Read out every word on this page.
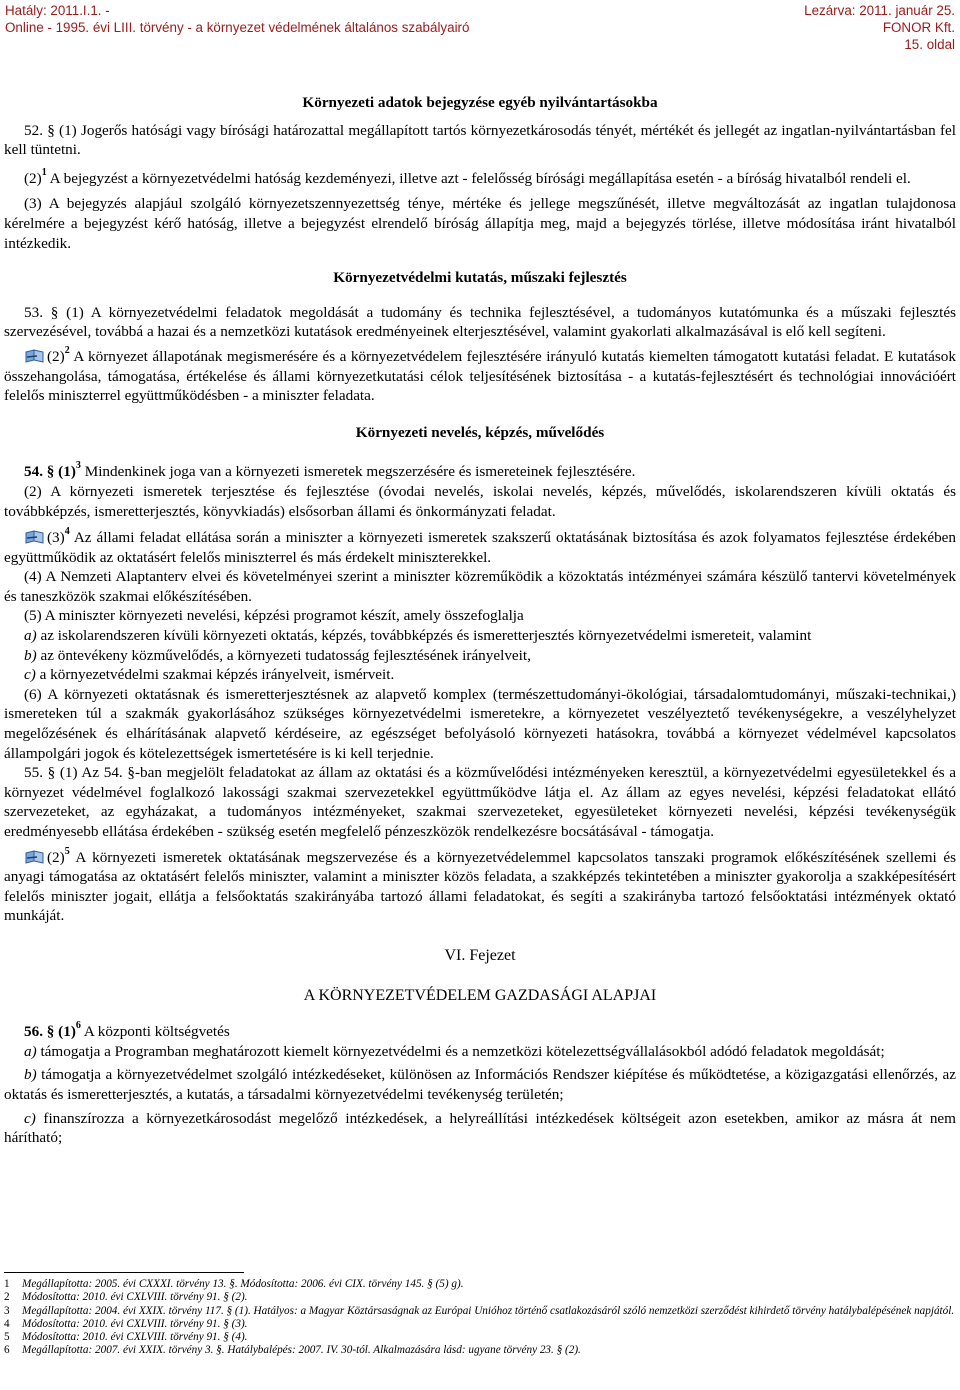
Hatály: 2011.I.1. -
Online - 1995. évi LIII. törvény - a környezet védelmének általános szabályairó
Lezárva: 2011. január 25.
FONOR Kft.
15. oldal

Környezeti adatok bejegyzése egyéb nyilvántartásokba

52. § (1) Jogerős hatósági vagy bírósági határozattal megállapított tartós környezetkárosodás tényét, mértékét és jellegét az ingatlan-nyilvántartásban fel kell tüntetni.

$(2)^1$ A bejegyzést a környezetvédelmi hatóság kezdeményezi, illetve azt - felelősség bírósági megállapítása esetén - a bíróság hivatalból rendeli el.

(3) A bejegyzés alapjául szolgáló környezetszennyezettség ténye, mértéke és jellege megszűnését, illetve megváltozását az ingatlan tulajdonosa kérelmére a bejegyzést kérő hatóság, illetve a bejegyzést elrendelő bíróság állapítja meg, majd a bejegyzés törlése, illetve módosítása iránt hivatalból intézkedik.

Környezetvédelmi kutatás, műszaki fejlesztés

53. § (1) A környezetvédelmi feladatok megoldását a tudomány és technika fejlesztésével, a tudományos kutatómunka és a műszaki fejlesztés szervezésével, továbbá a hazai és a nemzetközi kutatások eredményeinek elterjesztésével, valamint gyakorlati alkalmazásával is elő kell segíteni.

$(2)^2$ A környezet állapotának megismerésére és a környezetvédelem fejlesztésére irányuló kutatás kiemelten támogatott kutatási feladat. E kutatások összehangolása, támogatása, értékelése és állami környezetkutatási célok teljesítésének biztosítása - a kutatás-fejlesztésért és technológiai innovációért felelős miniszterrel együttműködésben - a miniszter feladata.

Környezeti nevelés, képzés, művelődés

54. § $(1)^3$ Mindenkinek joga van a környezeti ismeretek megszerzésére és ismereteinek fejlesztésére.

(2) A környezeti ismeretek terjesztése és fejlesztése (óvodai nevelés, iskolai nevelés, képzés, művelődés, iskolarendszeren kívüli oktatás és továbbképzés, ismeretterjesztés, könyvkiadás) elsősorban állami és önkormányzati feladat.

$(3)^4$ Az állami feladat ellátása során a miniszter a környezeti ismeretek szakszerű oktatásának biztosítása és azok folyamatos fejlesztése érdekében együttműködik az oktatásért felelős miniszterrel és más érdekelt miniszterekkel.

(4) A Nemzeti Alaptanterv elvei és követelményei szerint a miniszter közreműködik a közoktatás intézményei számára készülő tantervi követelmények és taneszközök szakmai előkészítésében.

(5) A miniszter környezeti nevelési, képzési programot készít, amely összefoglalja

a) az iskolarendszeren kívüli környezeti oktatás, képzés, továbbképzés és ismeretterjesztés környezetvédelmi ismereteit, valamint

b) az öntevékeny közművelődés, a környezeti tudatosság fejlesztésének irányelveit,

c) a környezetvédelmi szakmai képzés irányelveit, ismérveit.

(6) A környezeti oktatásnak és ismeretterjesztésnek az alapvető komplex (természettudományi-ökológiai, társadalomtudományi, műszaki-technikai,) ismereteken túl a szakmák gyakorlásához szükséges környezetvédelmi ismeretekre, a környezetet veszélyeztető tevékenységekre, a veszélyhelyzet megelőzésének és elhárításának alapvető kérdéseire, az egészséget befolyásoló környezeti hatásokra, továbbá a környezet védelmével kapcsolatos állampolgári jogok és kötelezettségek ismertetésére is ki kell terjednie.

55. § (1) Az 54. §-ban megjelölt feladatokat az állam az oktatási és a közművelődési intézményeken keresztül, a környezetvédelmi egyesületekkel és a környezet védelmével foglalkozó lakossági szakmai szervezetekkel együttműködve látja el. Az állam az egyes nevelési, képzési feladatokat ellátó szervezeteket, az egyházakat, a tudományos intézményeket, szakmai szervezeteket, egyesületeket környezeti nevelési, képzési tevékenységük eredményesebb ellátása érdekében - szükség esetén megfelelő pénzeszközök rendelkezésre bocsátásával - támogatja.

$(2)^5$ A környezeti ismeretek oktatásának megszervezése és a környezetvédelemmel kapcsolatos tanszaki programok előkészítésének szellemi és anyagi támogatása az oktatásért felelős miniszter, valamint a miniszter közös feladata, a szakképzés tekintetében a miniszter gyakorolja a szakképesítésért felelős miniszter jogait, ellátja a felsőoktatás szakirányába tartozó állami feladatokat, és segíti a szakirányba tartozó felsőoktatási intézmények oktató munkáját.

VI. Fejezet

A KÖRNYEZETVÉDELEM GAZDASÁGI ALAPJAI

56. § $(1)^6$ A központi költségvetés

a) támogatja a Programban meghatározott kiemelt környezetvédelmi és a nemzetközi kötelezettségvállalásokból adódó feladatok megoldását;

b) támogatja a környezetvédelmet szolgáló intézkedéseket, különösen az Információs Rendszer kiépítése és működtetése, a közigazgatási ellenőrzés, az oktatás és ismeretterjesztés, a kutatás, a társadalmi környezetvédelmi tevékenység területén;

c) finanszírozza a környezetkárosodást megelőző intézkedések, a helyreállítási intézkedések költségeit azon esetekben, amikor az másra át nem hárítható;

1 Megállapította: 2005. évi CXXXI. törvény 13. §. Módosította: 2006. évi CIX. törvény 145. § (5) g).

2 Módosította: 2010. évi CXLVIII. törvény 91. § (2).

3 Megállapította: 2004. évi XXIX. törvény 117. § (1). Hatályos: a Magyar Köztársaságnak az Európai Unióhoz történő csatlakozásáról szóló nemzetközi szerződést kihirdető törvény hatálybalépésének napjától.

4 Módosította: 2010. évi CXLVIII. törvény 91. § (3).

5 Módosította: 2010. évi CXLVIII. törvény 91. § (4).

6 Megállapította: 2007. évi XXIX. törvény 3. §. Hatálybalépés: 2007. IV. 30-tól. Alkalmazására lásd: ugyane törvény 23. § (2).
